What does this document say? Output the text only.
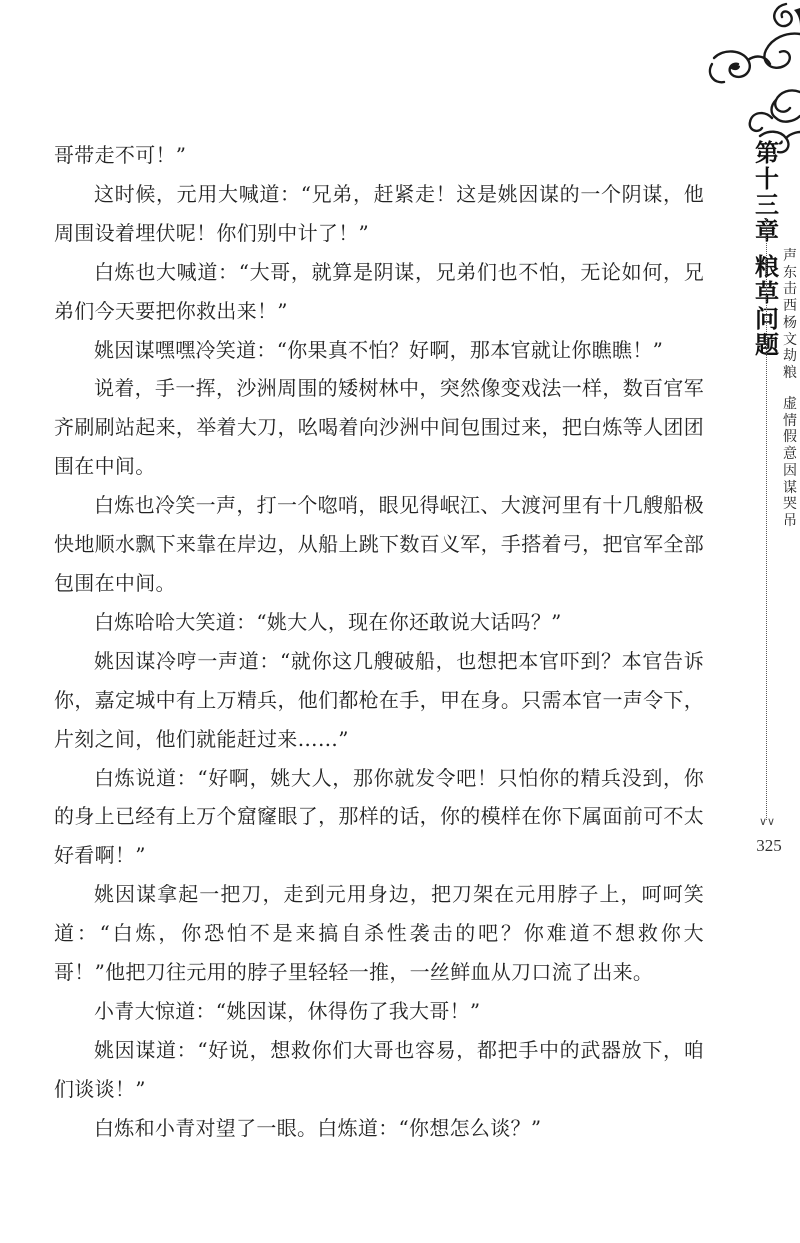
哥带走不可！”

这时候，元用大喊道：“兄弟，赶紧走！这是姚因谋的一个阴谋，他周围设着埋伏呢！你们别中计了！”

白炼也大喊道：“大哥，就算是阴谋，兄弟们也不怕，无论如何，兄弟们今天要把你救出来！”

姚因谋嘿嘿冷笑道：“你果真不怕？好啊，那本官就让你瞧瞧！”

说着，手一挥，沙洲周围的矮树林中，突然像变戏法一样，数百官军齐刷刷站起来，举着大刀，吆喝着向沙洲中间包围过来，把白炼等人团团围在中间。

白炼也冷笑一声，打一个唿哨，眼见得岷江、大渡河里有十几艘船极快地顺水飘下来靠在岸边，从船上跳下数百义军，手搭着弓，把官军全部包围在中间。

白炼哈哈大笑道：“姚大人，现在你还敢说大话吗？”

姚因谋冷哼一声道：“就你这几艘破船，也想把本官吓到？本官告诉你，嘉定城中有上万精兵，他们都枪在手，甲在身。只需本官一声令下，片刻之间，他们就能赶过来……”

白炼说道：“好啊，姚大人，那你就发令吧！只怕你的精兵没到，你的身上已经有上万个窟窿眼了，那样的话，你的模样在你下属面前可不太好看啊！”

姚因谋拿起一把刀，走到元用身边，把刀架在元用脖子上，呵呵笑道：“白炼，你恐怕不是来搞自杀性袭击的吧？你难道不想救你大哥！”他把刀往元用的脖子里轻轻一推，一丝鲜血从刀口流了出来。

小青大惊道：“姚因谋，休得伤了我大哥！”

姚因谋道：“好说，想救你们大哥也容易，都把手中的武器放下，咱们谈谈！”

白炼和小青对望了一眼。白炼道：“你想怎么谈？”

第十三章
粮草问题
声东击西杨文劫粮
虚情假意因谋哭吊
∨∨
325
